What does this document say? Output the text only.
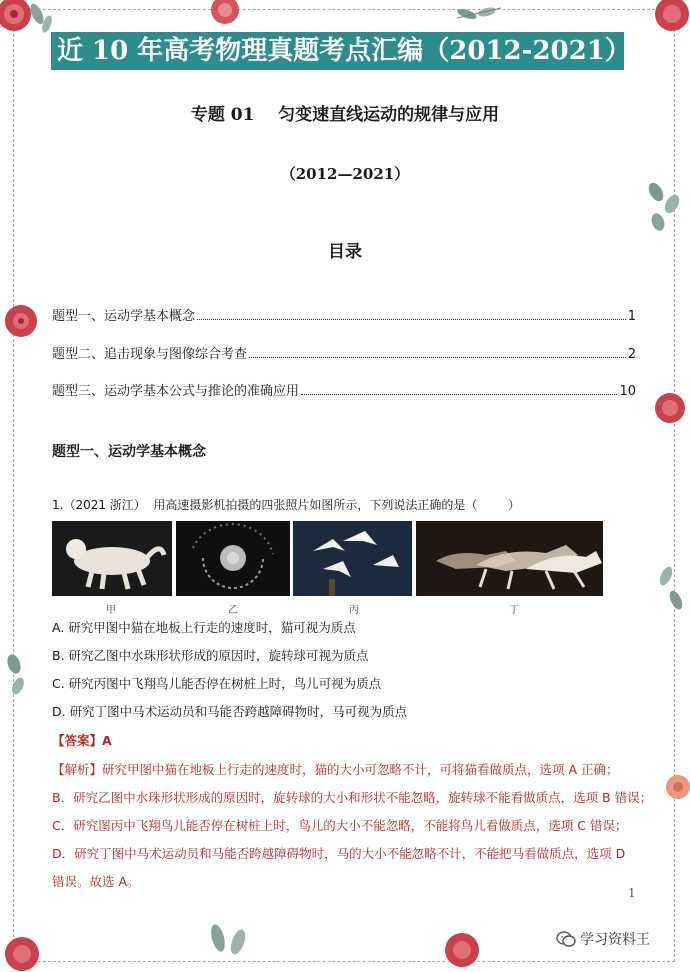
近 10 年高考物理真题考点汇编（2012-2021）
专题 01    匀变速直线运动的规律与应用
（2012—2021）
目录
题型一、运动学基本概念	1
题型二、追击现象与图像综合考查	2
题型三、运动学基本公式与推论的准确应用	10
题型一、运动学基本概念
1.（2021 浙江）  用高速摄影机拍摄的四张照片如图所示，下列说法正确的是（        ）
甲	乙	丙	丁
A. 研究甲图中猫在地板上行走的速度时，猫可视为质点
B. 研究乙图中水珠形状形成的原因时，旋转球可视为质点
C. 研究丙图中飞翔鸟儿能否停在树桩上时，鸟儿可视为质点
D. 研究丁图中马术运动员和马能否跨越障碍物时，马可视为质点
【答案】A
【解析】研究甲图中猫在地板上行走的速度时，猫的大小可忽略不计，可将猫看做质点，选项 A 正确；
B．研究乙图中水珠形状形成的原因时，旋转球的大小和形状不能忽略，旋转球不能看做质点，选项 B 错误；
C．研究图丙中飞翔鸟儿能否停在树桩上时，鸟儿的大小不能忽略，不能将鸟儿看做质点，选项 C 错误；
D．研究丁图中马术运动员和马能否跨越障碍物时，马的大小不能忽略不计，不能把马看做质点，选项 D
错误。故选 A。
1
学习资料王
